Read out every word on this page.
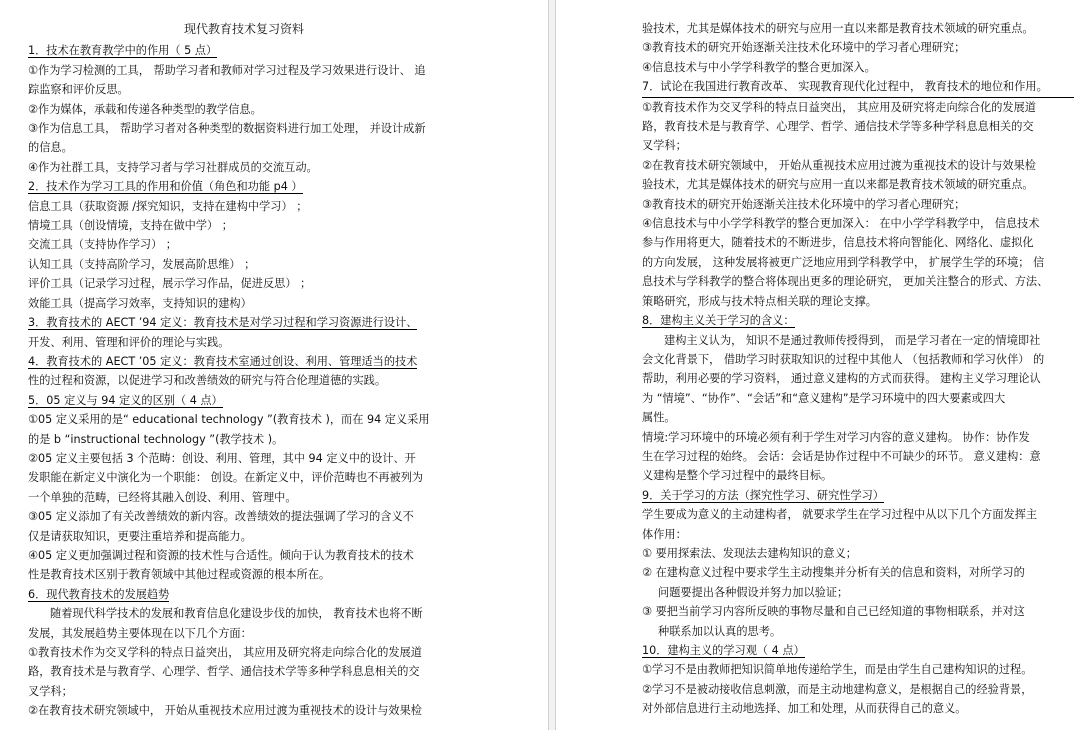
现代教育技术复习资料
1．技术在教育教学中的作用（ 5 点）
①作为学习检测的工具， 帮助学习者和教师对学习过程及学习效果进行设计、 追
踪监察和评价反思。
②作为媒体，承载和传递各种类型的教学信息。
③作为信息工具， 帮助学习者对各种类型的数据资料进行加工处理， 并设计成新
的信息。
④作为社群工具，支持学习者与学习社群成员的交流互动。
2．技术作为学习工具的作用和价值（角色和功能 p4 ）
信息工具（获取资源 /探究知识，支持在建构中学习） ；
情境工具（创设情境，支持在做中学） ；
交流工具（支持协作学习） ；
认知工具（支持高阶学习，发展高阶思维） ；
评价工具（记录学习过程，展示学习作品，促进反思） ；
效能工具（提高学习效率，支持知识的建构）
3．教育技术的 AECT ’94 定义：教育技术是对学习过程和学习资源进行设计、
开发、利用、管理和评价的理论与实践。
4．教育技术的 AECT ’05 定义：教育技术室通过创设、利用、管理适当的技术
性的过程和资源，以促进学习和改善绩效的研究与符合伦理道德的实践。
5．05 定义与 94 定义的区别（ 4 点）
①05 定义采用的是“ educational technology ”(教育技术 )，而在 94 定义采用
的是 b “instructional technology ”(教学技术 )。
②05 定义主要包括 3 个范畴：创设、利用、管理，其中 94 定义中的设计、开
发职能在新定义中演化为一个职能： 创设。在新定义中，评价范畴也不再被列为
一个单独的范畴，已经将其融入创设、利用、管理中。
③05 定义添加了有关改善绩效的新内容。改善绩效的提法强调了学习的含义不
仅是请获取知识，更要注重培养和提高能力。
④05 定义更加强调过程和资源的技术性与合适性。倾向于认为教育技术的技术
性是教育技术区别于教育领域中其他过程或资源的根本所在。
6．现代教育技术的发展趋势
随着现代科学技术的发展和教育信息化建设步伐的加快， 教育技术也将不断
发展，其发展趋势主要体现在以下几个方面：
①教育技术作为交叉学科的特点日益突出， 其应用及研究将走向综合化的发展道
路，教育技术是与教育学、心理学、哲学、通信技术学等多种学科息息相关的交
叉学科；
②在教育技术研究领域中， 开始从重视技术应用过渡为重视技术的设计与效果检
验技术，尤其是媒体技术的研究与应用一直以来都是教育技术领域的研究重点。
③教育技术的研究开始逐渐关注技术化环境中的学习者心理研究；
④信息技术与中小学学科教学的整合更加深入。
7．试论在我国进行教育改革、 实现教育现代化过程中， 教育技术的地位和作用。
①教育技术作为交叉学科的特点日益突出， 其应用及研究将走向综合化的发展道
路，教育技术是与教育学、心理学、哲学、通信技术学等多种学科息息相关的交
叉学科；
②在教育技术研究领域中， 开始从重视技术应用过渡为重视技术的设计与效果检
验技术，尤其是媒体技术的研究与应用一直以来都是教育技术领域的研究重点。
③教育技术的研究开始逐渐关注技术化环境中的学习者心理研究；
④信息技术与中小学学科教学的整合更加深入： 在中小学学科教学中， 信息技术
参与作用将更大，随着技术的不断进步，信息技术将向智能化、网络化、虚拟化
的方向发展， 这种发展将被更广泛地应用到学科教学中， 扩展学生学的环境； 信
息技术与学科教学的整合将体现出更多的理论研究， 更加关注整合的形式、方法、
策略研究，形成与技术特点相关联的理论支撑。
8．建构主义关于学习的含义：
建构主义认为， 知识不是通过教师传授得到， 而是学习者在一定的情境即社
会文化背景下， 借助学习时获取知识的过程中其他人 （包括教师和学习伙伴） 的
帮助，利用必要的学习资料， 通过意义建构的方式而获得。 建构主义学习理论认
为 “情境”、“协作”、“会话”和“意义建构”是学习环境中的四大要素或四大
属性。
情境:学习环境中的环境必须有利于学生对学习内容的意义建构。 协作：协作发
生在学习过程的始终。 会话：会话是协作过程中不可缺少的环节。 意义建构：意
义建构是整个学习过程中的最终目标。
9．关于学习的方法（探究性学习、研究性学习）
学生要成为意义的主动建构者， 就要求学生在学习过程中从以下几个方面发挥主
体作用：
① 要用探索法、发现法去建构知识的意义；
② 在建构意义过程中要求学生主动搜集并分析有关的信息和资料，对所学习的
问题要提出各种假设并努力加以验证；
③ 要把当前学习内容所反映的事物尽量和自己已经知道的事物相联系，并对这
种联系加以认真的思考。
10．建构主义的学习观（ 4 点）
①学习不是由教师把知识简单地传递给学生，而是由学生自己建构知识的过程。
②学习不是被动接收信息刺激，而是主动地建构意义，是根据自己的经验背景，
对外部信息进行主动地选择、加工和处理，从而获得自己的意义。
